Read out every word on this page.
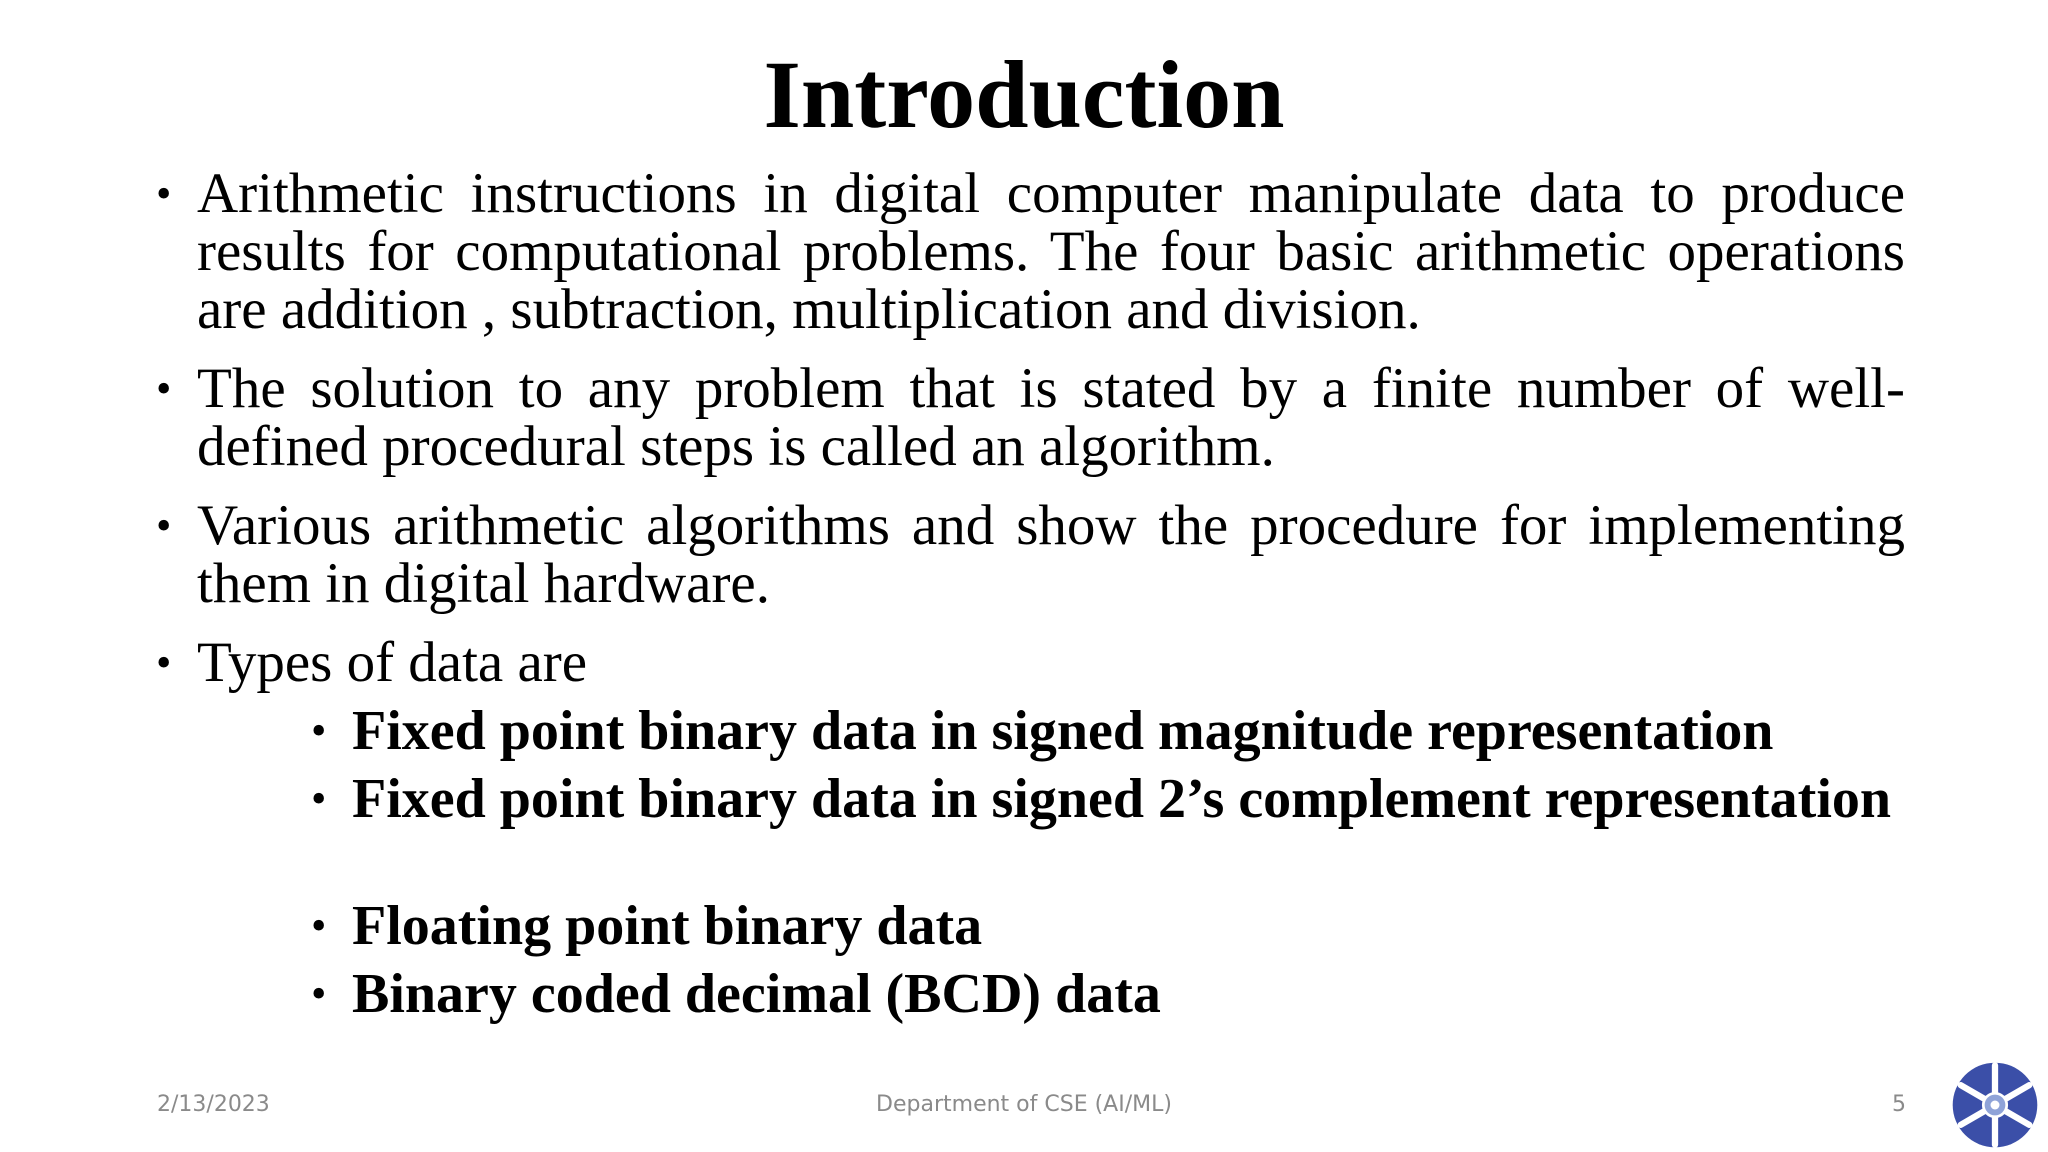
Introduction
• Arithmetic instructions in digital computer manipulate data to produce results for computational problems. The four basic arithmetic operations are addition , subtraction, multiplication and division.
• The solution to any problem that is stated by a finite number of well-defined procedural steps is called an algorithm.
• Various arithmetic algorithms and show the procedure for implementing them in digital hardware.
• Types of data are
• Fixed point binary data in signed magnitude representation
• Fixed point binary data in signed 2’s complement representation
• Floating point binary data
• Binary coded decimal (BCD) data
2/13/2023	Department of CSE (AI/ML)	5
